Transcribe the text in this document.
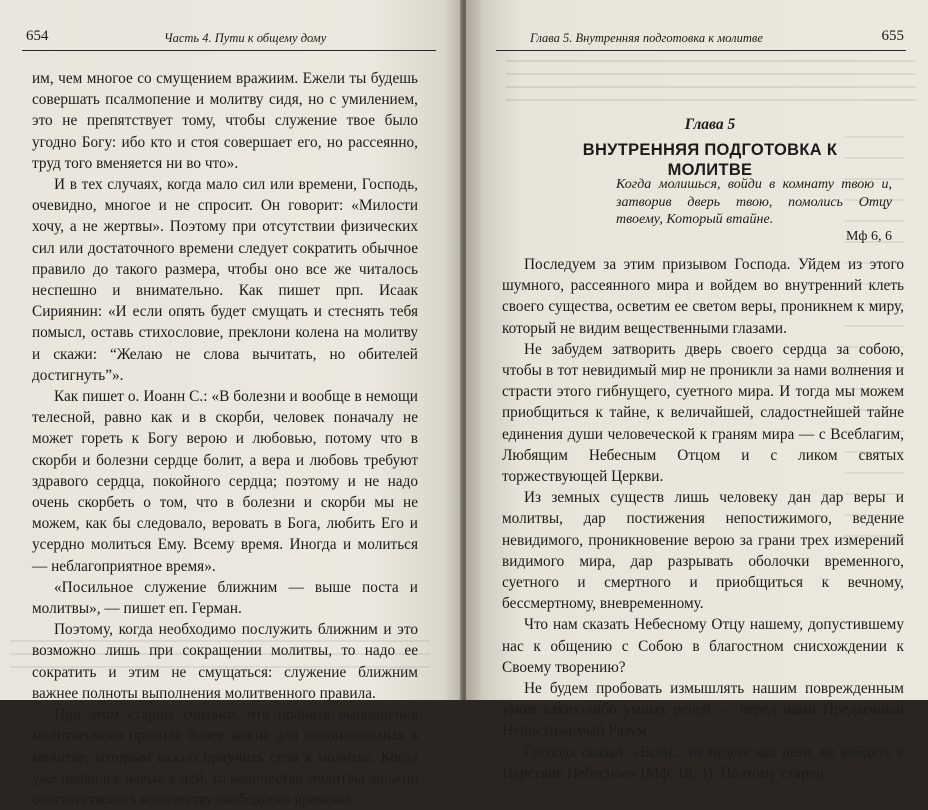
654	Часть 4. Пути к общему дому

им, чем многое со смущением вражиим. Ежели ты будешь совершать псалмопение и молитву сидя, но с умилением, это не препятствует тому, чтобы служение твое было угодно Богу: ибо кто и стоя совершает его, но рассеянно, труд того вменяется ни во что».

И в тех случаях, когда мало сил или времени, Господь, очевидно, многое и не спросит. Он говорит: «Милости хочу, а не жертвы». Поэтому при отсутствии физических сил или достаточного времени следует сократить обычное правило до такого размера, чтобы оно все же читалось неспешно и внимательно. Как пишет прп. Исаак Сириянин: «И если опять будет смущать и стеснять тебя помысл, оставь стихословие, преклони колена на молитву и скажи: “Желаю не слова вычитать, но обителей достигнуть”».

Как пишет о. Иоанн С.: «В болезни и вообще в немощи телесной, равно как и в скорби, человек поначалу не может гореть к Богу верою и любовью, потому что в скорби и болезни сердце болит, а вера и любовь требуют здравого сердца, покойного сердца; поэтому и не надо очень скорбеть о том, что в болезни и скорби мы не можем, как бы следовало, веровать в Бога, любить Его и усердно молиться Ему. Всему время. Иногда и молиться — неблагоприятное время».

«Посильное служение ближним — выше поста и молитвы», — пишет еп. Герман.

Поэтому, когда необходимо послужить ближним и это возможно лишь при сокращении молитвы, то надо ее сократить и этим не смущаться: служение ближним важнее полноты выполнения молитвенного правила.

При этом старцы считают, что полнота выполнения молитвенного правила более важна для новоначальных в молитве, которым важно приучить себя к молитве. Когда уже появился навык к ней, то количество молитвы должно соответствовать количеству свободного времени.

Глава 5. Внутренняя подготовка к молитве	655
Глава 5
ВНУТРЕННЯЯ ПОДГОТОВКА К МОЛИТВЕ
Когда молишься, войди в комнату твою и, затворив дверь твою, помолись Отцу твоему, Который втайне.
Мф 6, 6

Последуем за этим призывом Господа. Уйдем из этого шумного, рассеянного мира и войдем во внутренний клеть своего существа, осветим ее светом веры, проникнем к миру, который не видим вещественными глазами.

Не забудем затворить дверь своего сердца за собою, чтобы в тот невидимый мир не проникли за нами волнения и страсти этого гибнущего, суетного мира. И тогда мы можем приобщиться к тайне, к величайшей, сладостнейшей тайне единения души человеческой к граням мира — с Всеблагим, Любящим Небесным Отцом и с ликом святых торжествующей Церкви.

Из земных существ лишь человеку дан дар веры и молитвы, дар постижения непостижимого, ведение невидимого, проникновение верою за грани трех измерений видимого мира, дар разрывать оболочки временного, суетного и смертного и приобщиться к вечному, бессмертному, вневременному.

Что нам сказать Небесному Отцу нашему, допустившему нас к общению с Собою в благостном снисхождении к Своему творению?

Не будем пробовать измышлять нашим поврежденным умом каких-либо умных речей — перед нами Предвечный Непостижимый Разум.

Господь сказал: «Если... не будете как дети, не войдете в Царствие Небесное» (Мф. 18, 3). Поэтому старец
